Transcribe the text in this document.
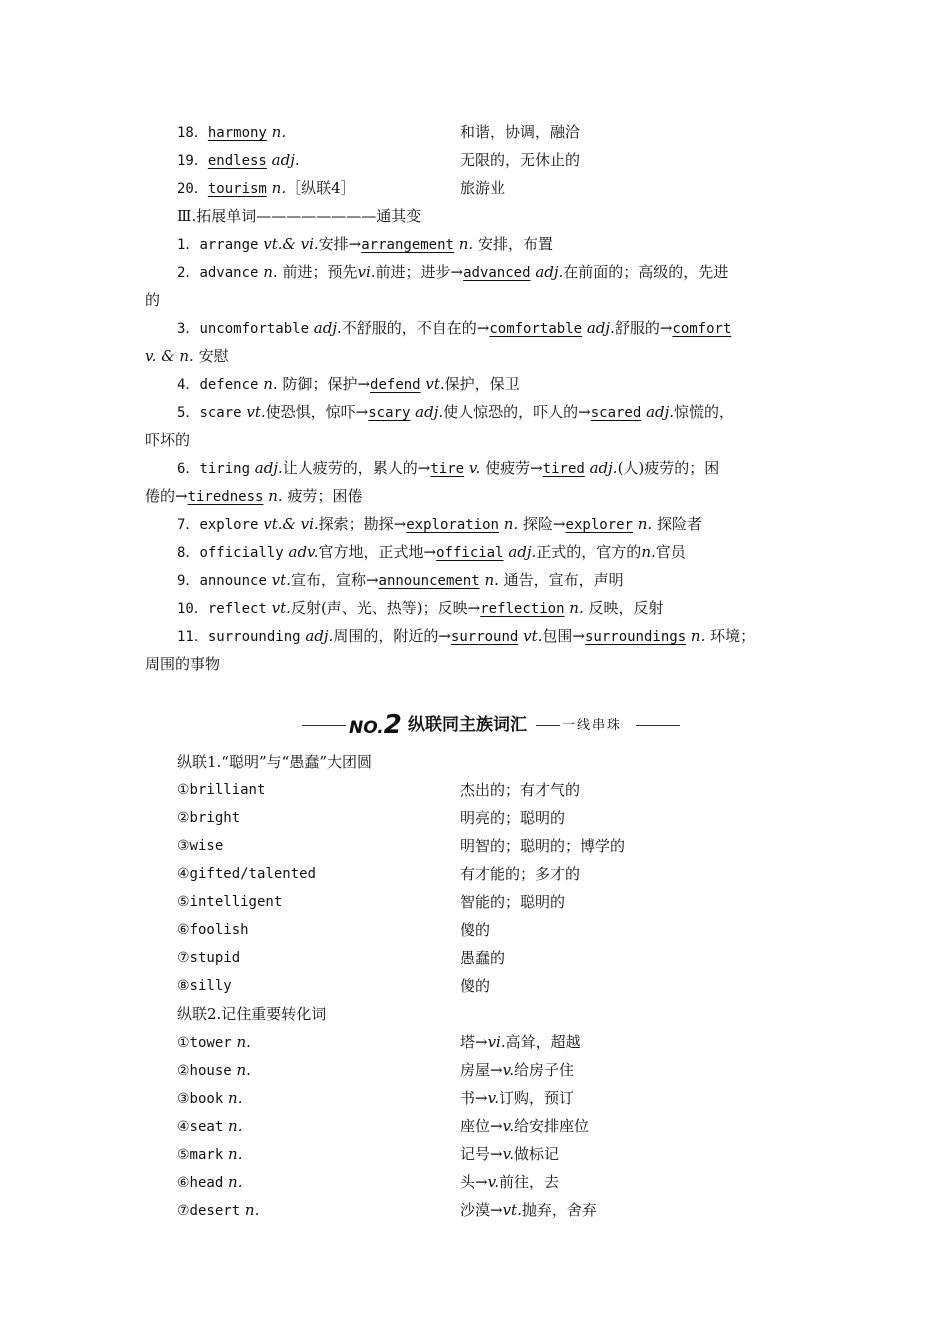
18．harmony n.	和谐，协调，融洽
19．endless adj.	无限的，无休止的
20．tourism n.［纵联4］	旅游业
Ⅲ.拓展单词————————通其变
1．arrange vt.& vi.安排→arrangement n. 安排，布置
2．advance n. 前进；预先vi.前进；进步→advanced adj.在前面的；高级的，先进
的
3．uncomfortable adj.不舒服的，不自在的→comfortable adj.舒服的→comfort
v. & n. 安慰
4．defence n. 防御；保护→defend vt.保护，保卫
5．scare vt.使恐惧，惊吓→scary adj.使人惊恐的，吓人的→scared adj.惊慌的，
吓坏的
6．tiring adj.让人疲劳的，累人的→tire v. 使疲劳→tired adj.(人)疲劳的；困
倦的→tiredness n. 疲劳；困倦
7．explore vt.& vi.探索；勘探→exploration n. 探险→explorer n. 探险者
8．officially adv.官方地，正式地→official adj.正式的，官方的n.官员
9．announce vt.宣布，宣称→announcement n. 通告，宣布，声明
10．reflect vt.反射(声、光、热等)；反映→reflection n. 反映，反射
11．surrounding adj.周围的，附近的→surround vt.包围→surroundings n. 环境；
周围的事物
NO.2 纵联同主族词汇	一线串珠
纵联1.“聪明”与“愚蠢”大团圆
①brilliant	杰出的；有才气的
②bright	明亮的；聪明的
③wise	明智的；聪明的；博学的
④gifted/talented	有才能的；多才的
⑤intelligent	智能的；聪明的
⑥foolish	傻的
⑦stupid	愚蠢的
⑧silly	傻的
纵联2.记住重要转化词
①tower n.	塔→vi.高耸，超越
②house n.	房屋→v.给房子住
③book n.	书→v.订购，预订
④seat n.	座位→v.给安排座位
⑤mark n.	记号→v.做标记
⑥head n.	头→v.前往，去
⑦desert n.	沙漠→vt.抛弃，舍弃
